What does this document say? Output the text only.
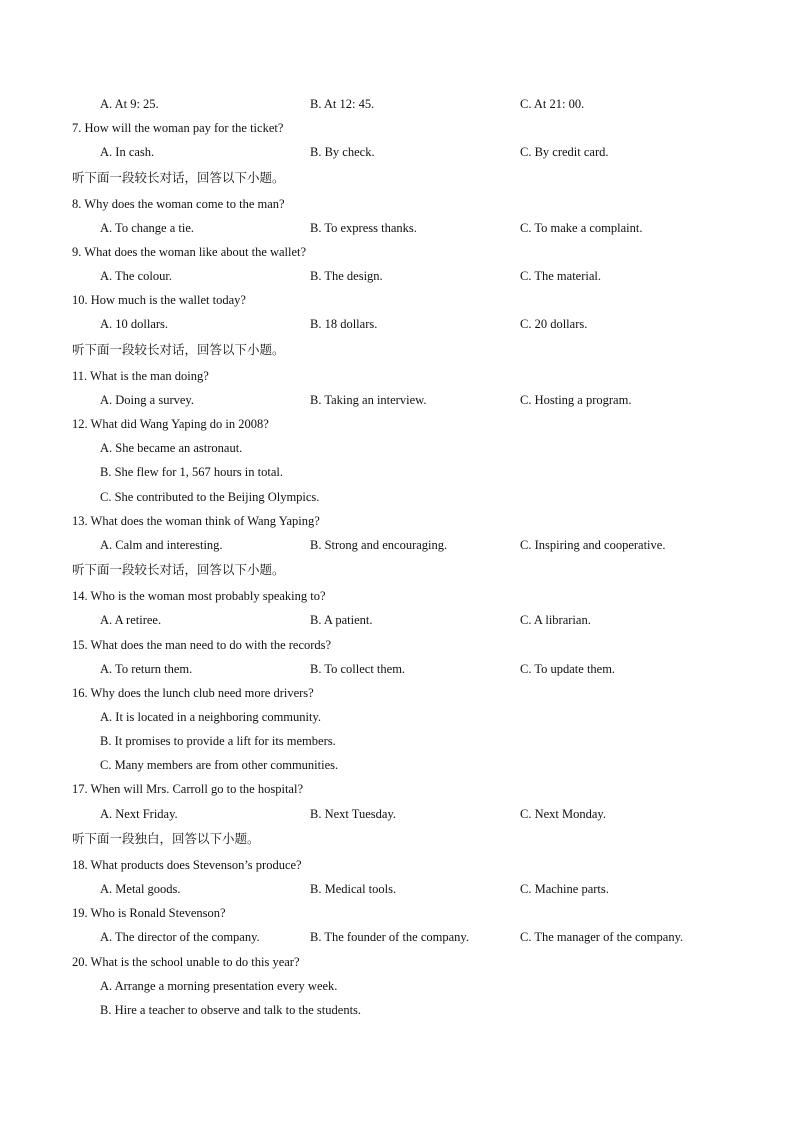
A. At 9: 25.	B. At 12: 45.	C. At 21: 00.
7. How will the woman pay for the ticket?
A. In cash.	B. By check.	C. By credit card.
听下面一段较长对话，回答以下小题。
8. Why does the woman come to the man?
A. To change a tie.	B. To express thanks.	C. To make a complaint.
9. What does the woman like about the wallet?
A. The colour.	B. The design.	C. The material.
10. How much is the wallet today?
A. 10 dollars.	B. 18 dollars.	C. 20 dollars.
听下面一段较长对话，回答以下小题。
11. What is the man doing?
A. Doing a survey.	B. Taking an interview.	C. Hosting a program.
12. What did Wang Yaping do in 2008?
A. She became an astronaut.
B. She flew for 1, 567 hours in total.
C. She contributed to the Beijing Olympics.
13. What does the woman think of Wang Yaping?
A. Calm and interesting.	B. Strong and encouraging.	C. Inspiring and cooperative.
听下面一段较长对话，回答以下小题。
14. Who is the woman most probably speaking to?
A. A retiree.	B. A patient.	C. A librarian.
15. What does the man need to do with the records?
A. To return them.	B. To collect them.	C. To update them.
16. Why does the lunch club need more drivers?
A. It is located in a neighboring community.
B. It promises to provide a lift for its members.
C. Many members are from other communities.
17. When will Mrs. Carroll go to the hospital?
A. Next Friday.	B. Next Tuesday.	C. Next Monday.
听下面一段独白，回答以下小题。
18. What products does Stevenson’s produce?
A. Metal goods.	B. Medical tools.	C. Machine parts.
19. Who is Ronald Stevenson?
A. The director of the company.	B. The founder of the company.	C. The manager of the company.
20. What is the school unable to do this year?
A. Arrange a morning presentation every week.
B. Hire a teacher to observe and talk to the students.
